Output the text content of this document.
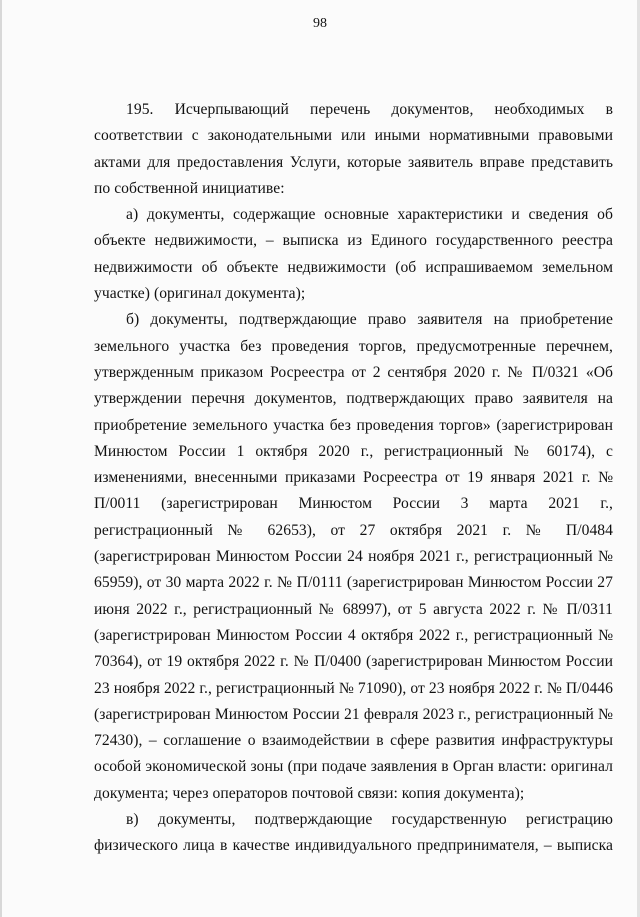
98

195. Исчерпывающий перечень документов, необходимых в соответствии с законодательными или иными нормативными правовыми актами для предоставления Услуги, которые заявитель вправе представить по собственной инициативе:

а) документы, содержащие основные характеристики и сведения об объекте недвижимости, – выписка из Единого государственного реестра недвижимости об объекте недвижимости (об испрашиваемом земельном участке) (оригинал документа);

б) документы, подтверждающие право заявителя на приобретение земельного участка без проведения торгов, предусмотренные перечнем, утвержденным приказом Росреестра от 2 сентября 2020 г. № П/0321 «Об утверждении перечня документов, подтверждающих право заявителя на приобретение земельного участка без проведения торгов» (зарегистрирован Минюстом России 1 октября 2020 г., регистрационный № 60174), с изменениями, внесенными приказами Росреестра от 19 января 2021 г. № П/0011 (зарегистрирован Минюстом России 3 марта 2021 г., регистрационный № 62653), от 27 октября 2021 г. № П/0484 (зарегистрирован Минюстом России 24 ноября 2021 г., регистрационный № 65959), от 30 марта 2022 г. № П/0111 (зарегистрирован Минюстом России 27 июня 2022 г., регистрационный № 68997), от 5 августа 2022 г. № П/0311 (зарегистрирован Минюстом России 4 октября 2022 г., регистрационный № 70364), от 19 октября 2022 г. № П/0400 (зарегистрирован Минюстом России 23 ноября 2022 г., регистрационный № 71090), от 23 ноября 2022 г. № П/0446 (зарегистрирован Минюстом России 21 февраля 2023 г., регистрационный № 72430), – соглашение о взаимодействии в сфере развития инфраструктуры особой экономической зоны (при подаче заявления в Орган власти: оригинал документа; через операторов почтовой связи: копия документа);

в) документы, подтверждающие государственную регистрацию физического лица в качестве индивидуального предпринимателя, – выписка
